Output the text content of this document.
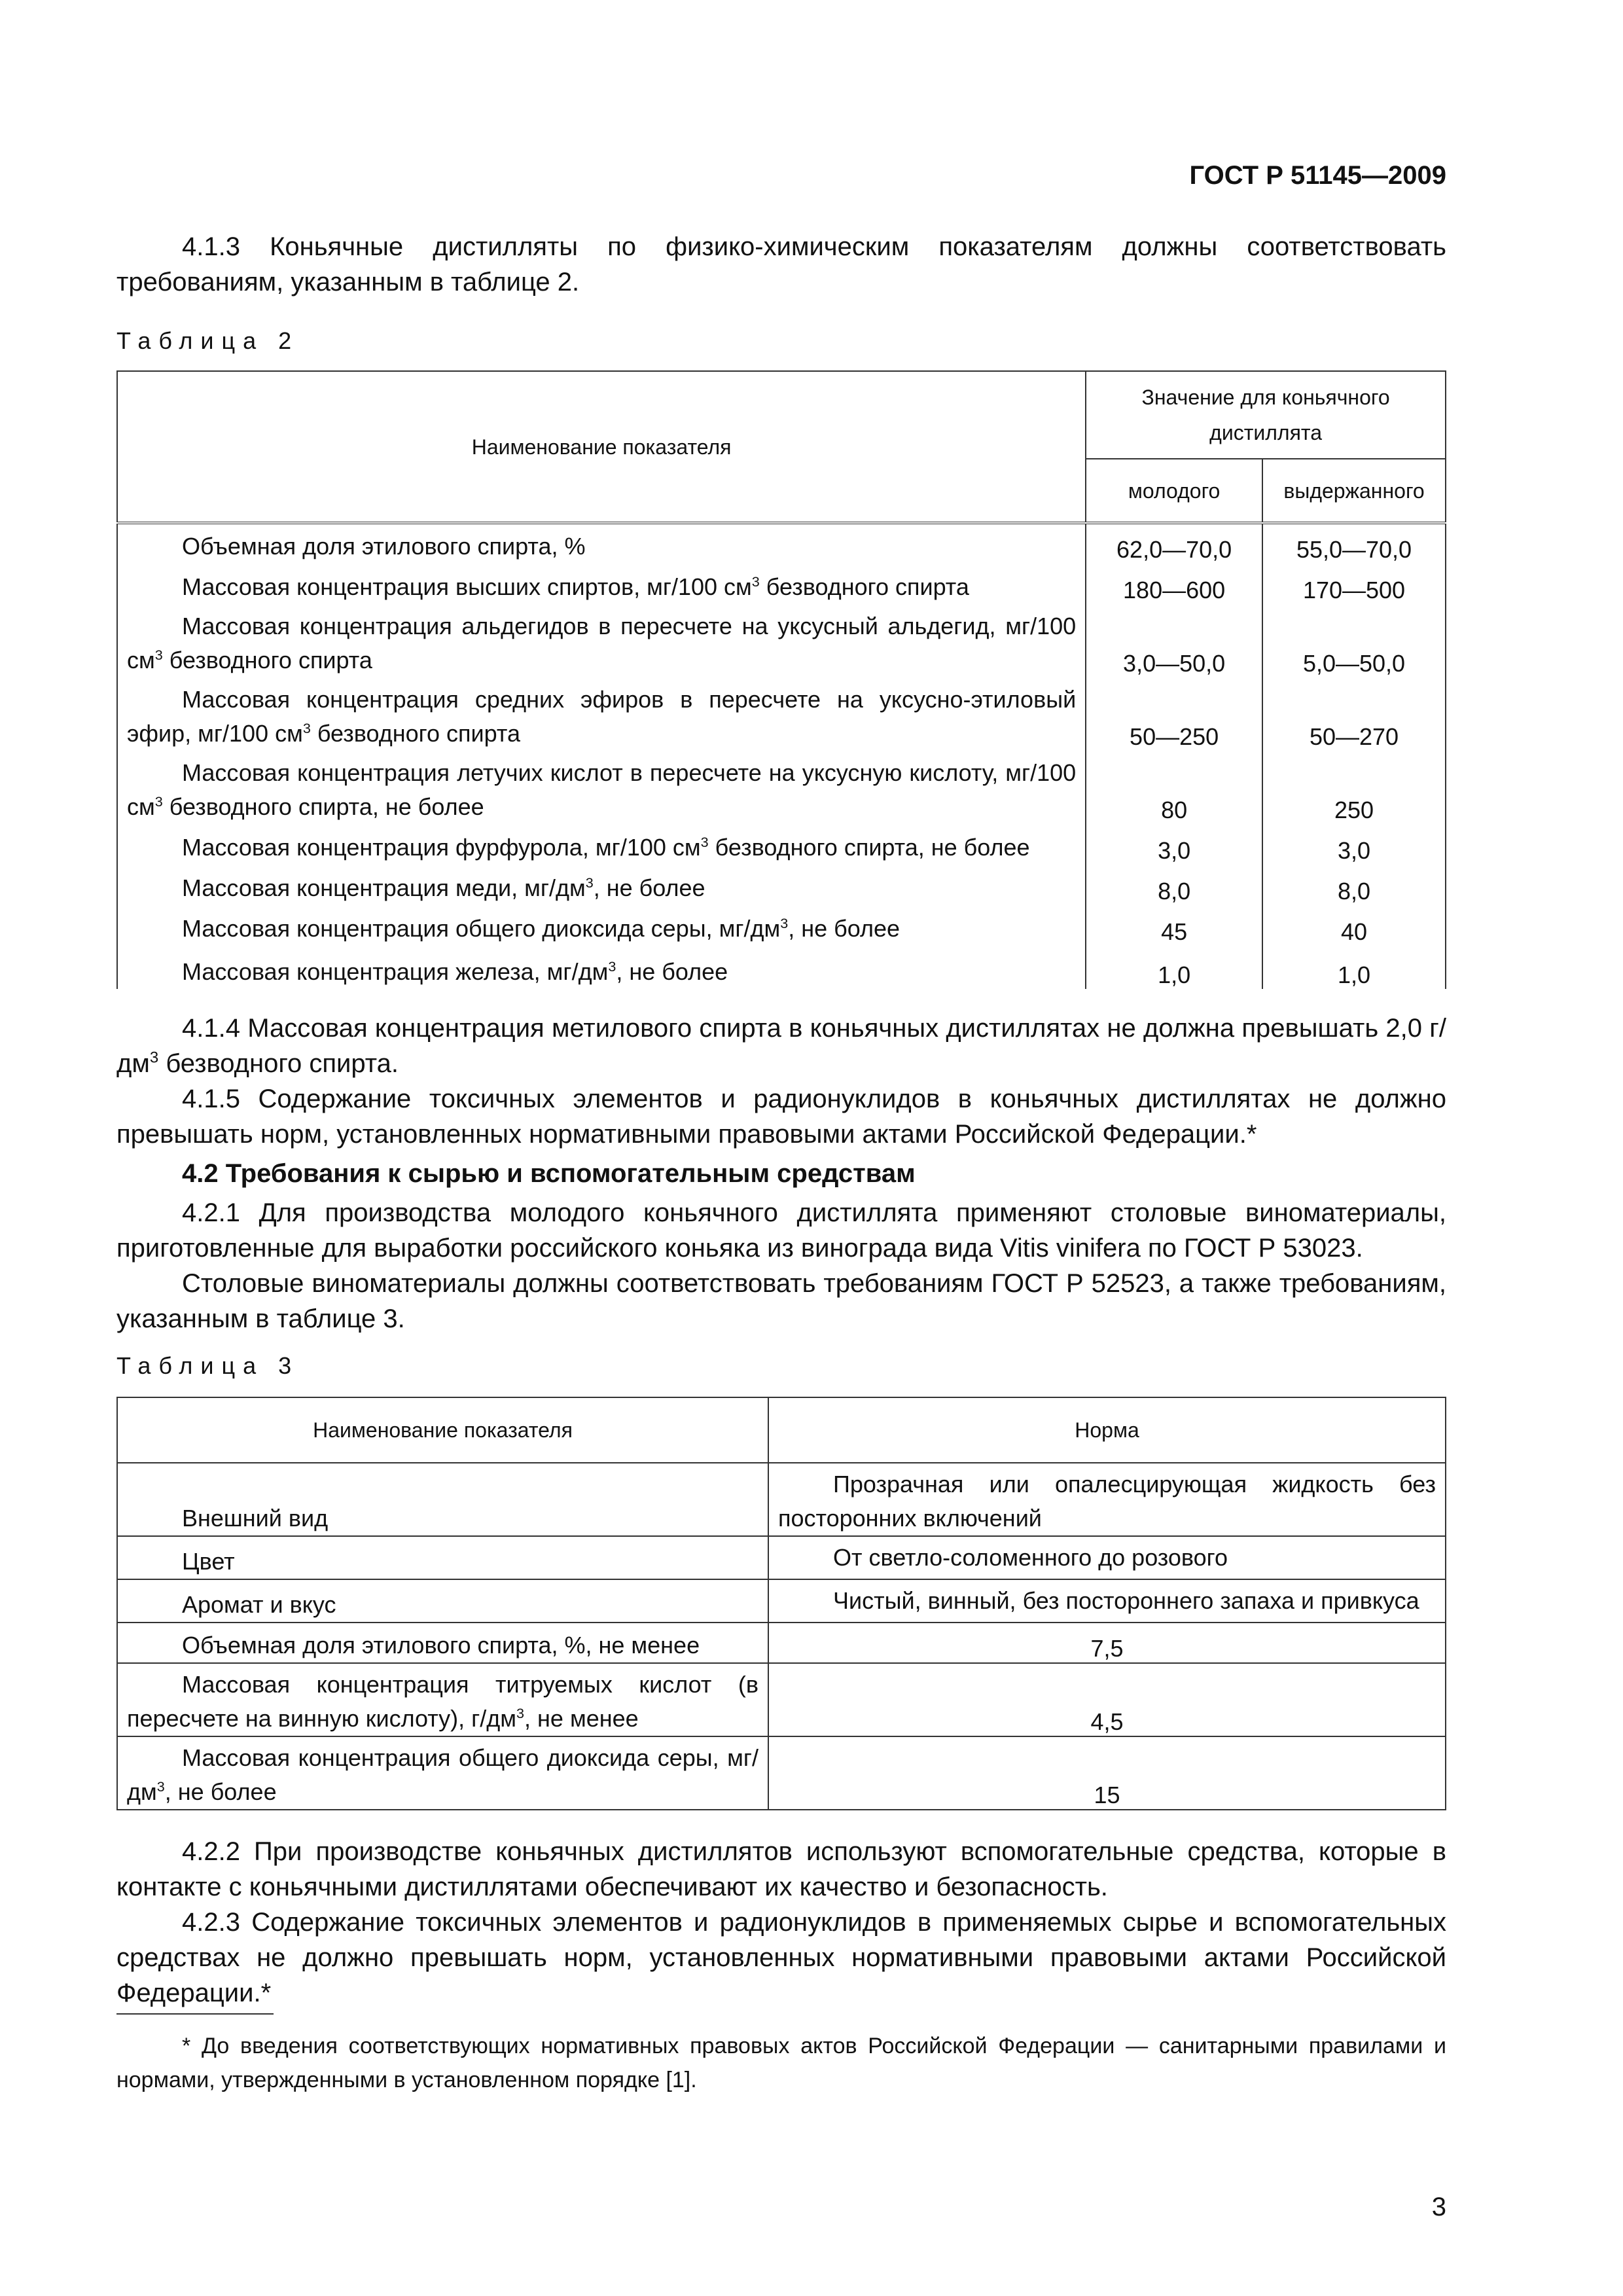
ГОСТ Р 51145—2009
4.1.3 Коньячные дистилляты по физико-химическим показателям должны соответствовать требованиям, указанным в таблице 2.
Таблица 2
Наименование показателя	Значение для коньячного дистиллята	
	молодого	выдержанного

Объемная доля этилового спирта, %	62,0—70,0	55,0—70,0

Массовая концентрация высших спиртов, мг/100 $см^3$ безводного спирта	180—600	170—500

Массовая концентрация альдегидов в пересчете на уксусный альдегид, мг/100 $см^3$ безводного спирта	3,0—50,0	5,0—50,0

Массовая концентрация средних эфиров в пересчете на уксусно-этиловый эфир, мг/100 $см^3$ безводного спирта	50—250	50—270

Массовая концентрация летучих кислот в пересчете на уксусную кислоту, мг/100 $см^3$ безводного спирта, не более	80	250

Массовая концентрация фурфурола, мг/100 $см^3$ безводного спирта, не более	3,0	3,0

Массовая концентрация меди, $мг/дм^3$, не более	8,0	8,0

Массовая концентрация общего диоксида серы, $мг/дм^3$, не более	45	40

Массовая концентрация железа, $мг/дм^3$, не более	1,0	1,0
4.1.4 Массовая концентрация метилового спирта в коньячных дистиллятах не должна превышать 2,0 $г/дм^3$ безводного спирта.
4.1.5 Содержание токсичных элементов и радионуклидов в коньячных дистиллятах не должно превышать норм, установленных нормативными правовыми актами Российской Федерации.*
4.2 Требования к сырью и вспомогательным средствам
4.2.1 Для производства молодого коньячного дистиллята применяют столовые виноматериалы, приготовленные для выработки российского коньяка из винограда вида Vitis vinifera по ГОСТ Р 53023.
Столовые виноматериалы должны соответствовать требованиям ГОСТ Р 52523, а также требованиям, указанным в таблице 3.
Таблица 3
Наименование показателя	Норма

Внешний вид	Прозрачная или опалесцирующая жидкость без посторонних включений

Цвет	От светло-соломенного до розового

Аромат и вкус	Чистый, винный, без постороннего запаха и привкуса

Объемная доля этилового спирта, %, не менее	7,5

Массовая концентрация титруемых кислот (в пересчете на винную кислоту), $г/дм^3$, не менее	4,5

Массовая концентрация общего диоксида серы, $мг/дм^3$, не более	15
4.2.2 При производстве коньячных дистиллятов используют вспомогательные средства, которые в контакте с коньячными дистиллятами обеспечивают их качество и безопасность.
4.2.3 Содержание токсичных элементов и радионуклидов в применяемых сырье и вспомогательных средствах не должно превышать норм, установленных нормативными правовыми актами Российской Федерации.*
* До введения соответствующих нормативных правовых актов Российской Федерации — санитарными правилами и нормами, утвержденными в установленном порядке [1].
3
